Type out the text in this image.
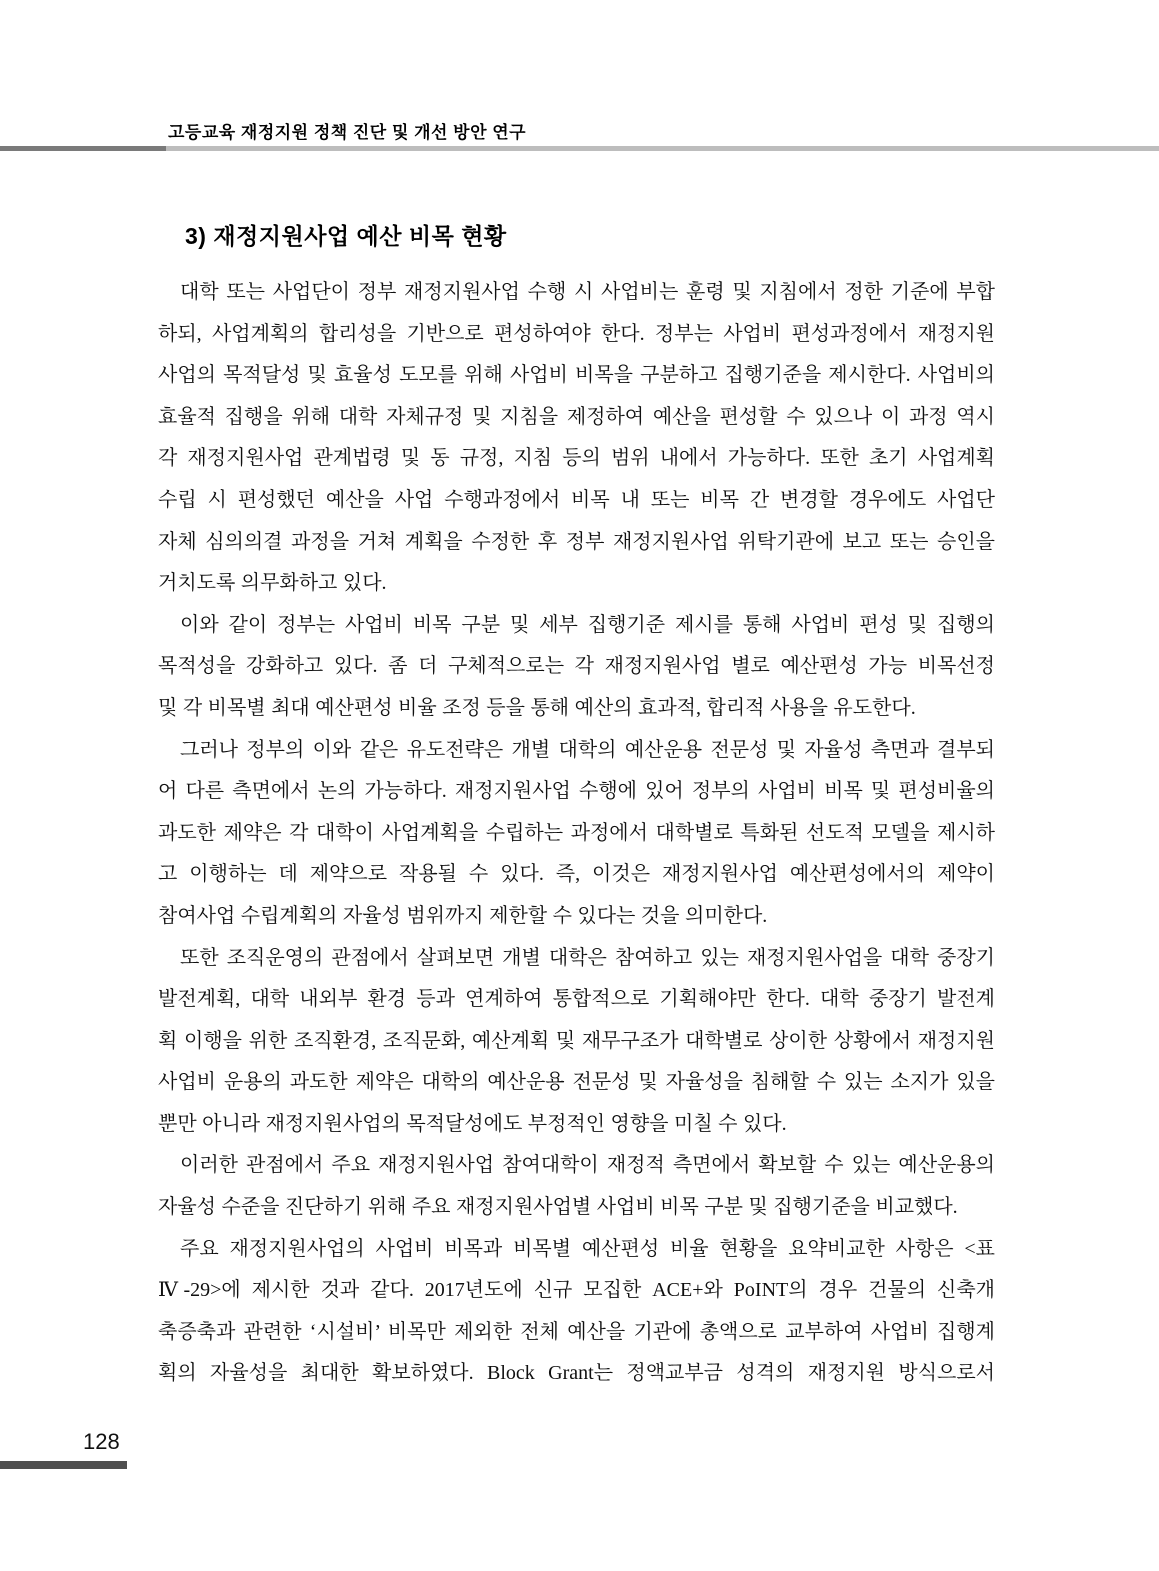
고등교육 재정지원 정책 진단 및 개선 방안 연구
3) 재정지원사업 예산 비목 현황
대학 또는 사업단이 정부 재정지원사업 수행 시 사업비는 훈령 및 지침에서 정한 기준에 부합
하되, 사업계획의 합리성을 기반으로 편성하여야 한다. 정부는 사업비 편성과정에서 재정지원
사업의 목적달성 및 효율성 도모를 위해 사업비 비목을 구분하고 집행기준을 제시한다. 사업비의
효율적 집행을 위해 대학 자체규정 및 지침을 제정하여 예산을 편성할 수 있으나 이 과정 역시
각 재정지원사업 관계법령 및 동 규정, 지침 등의 범위 내에서 가능하다. 또한 초기 사업계획
수립 시 편성했던 예산을 사업 수행과정에서 비목 내 또는 비목 간 변경할 경우에도 사업단
자체 심의의결 과정을 거쳐 계획을 수정한 후 정부 재정지원사업 위탁기관에 보고 또는 승인을
거치도록 의무화하고 있다.
이와 같이 정부는 사업비 비목 구분 및 세부 집행기준 제시를 통해 사업비 편성 및 집행의
목적성을 강화하고 있다. 좀 더 구체적으로는 각 재정지원사업 별로 예산편성 가능 비목선정
및 각 비목별 최대 예산편성 비율 조정 등을 통해 예산의 효과적, 합리적 사용을 유도한다.
그러나 정부의 이와 같은 유도전략은 개별 대학의 예산운용 전문성 및 자율성 측면과 결부되
어 다른 측면에서 논의 가능하다. 재정지원사업 수행에 있어 정부의 사업비 비목 및 편성비율의
과도한 제약은 각 대학이 사업계획을 수립하는 과정에서 대학별로 특화된 선도적 모델을 제시하
고 이행하는 데 제약으로 작용될 수 있다. 즉, 이것은 재정지원사업 예산편성에서의 제약이
참여사업 수립계획의 자율성 범위까지 제한할 수 있다는 것을 의미한다.
또한 조직운영의 관점에서 살펴보면 개별 대학은 참여하고 있는 재정지원사업을 대학 중장기
발전계획, 대학 내외부 환경 등과 연계하여 통합적으로 기획해야만 한다. 대학 중장기 발전계
획 이행을 위한 조직환경, 조직문화, 예산계획 및 재무구조가 대학별로 상이한 상황에서 재정지원
사업비 운용의 과도한 제약은 대학의 예산운용 전문성 및 자율성을 침해할 수 있는 소지가 있을
뿐만 아니라 재정지원사업의 목적달성에도 부정적인 영향을 미칠 수 있다.
이러한 관점에서 주요 재정지원사업 참여대학이 재정적 측면에서 확보할 수 있는 예산운용의
자율성 수준을 진단하기 위해 주요 재정지원사업별 사업비 비목 구분 및 집행기준을 비교했다.
주요 재정지원사업의 사업비 비목과 비목별 예산편성 비율 현황을 요약비교한 사항은 <표
Ⅳ-29>에 제시한 것과 같다. 2017년도에 신규 모집한 ACE+와 PoINT의 경우 건물의 신축개
축증축과 관련한 ‘시설비’ 비목만 제외한 전체 예산을 기관에 총액으로 교부하여 사업비 집행계
획의 자율성을 최대한 확보하였다. Block Grant는 정액교부금 성격의 재정지원 방식으로서
128
